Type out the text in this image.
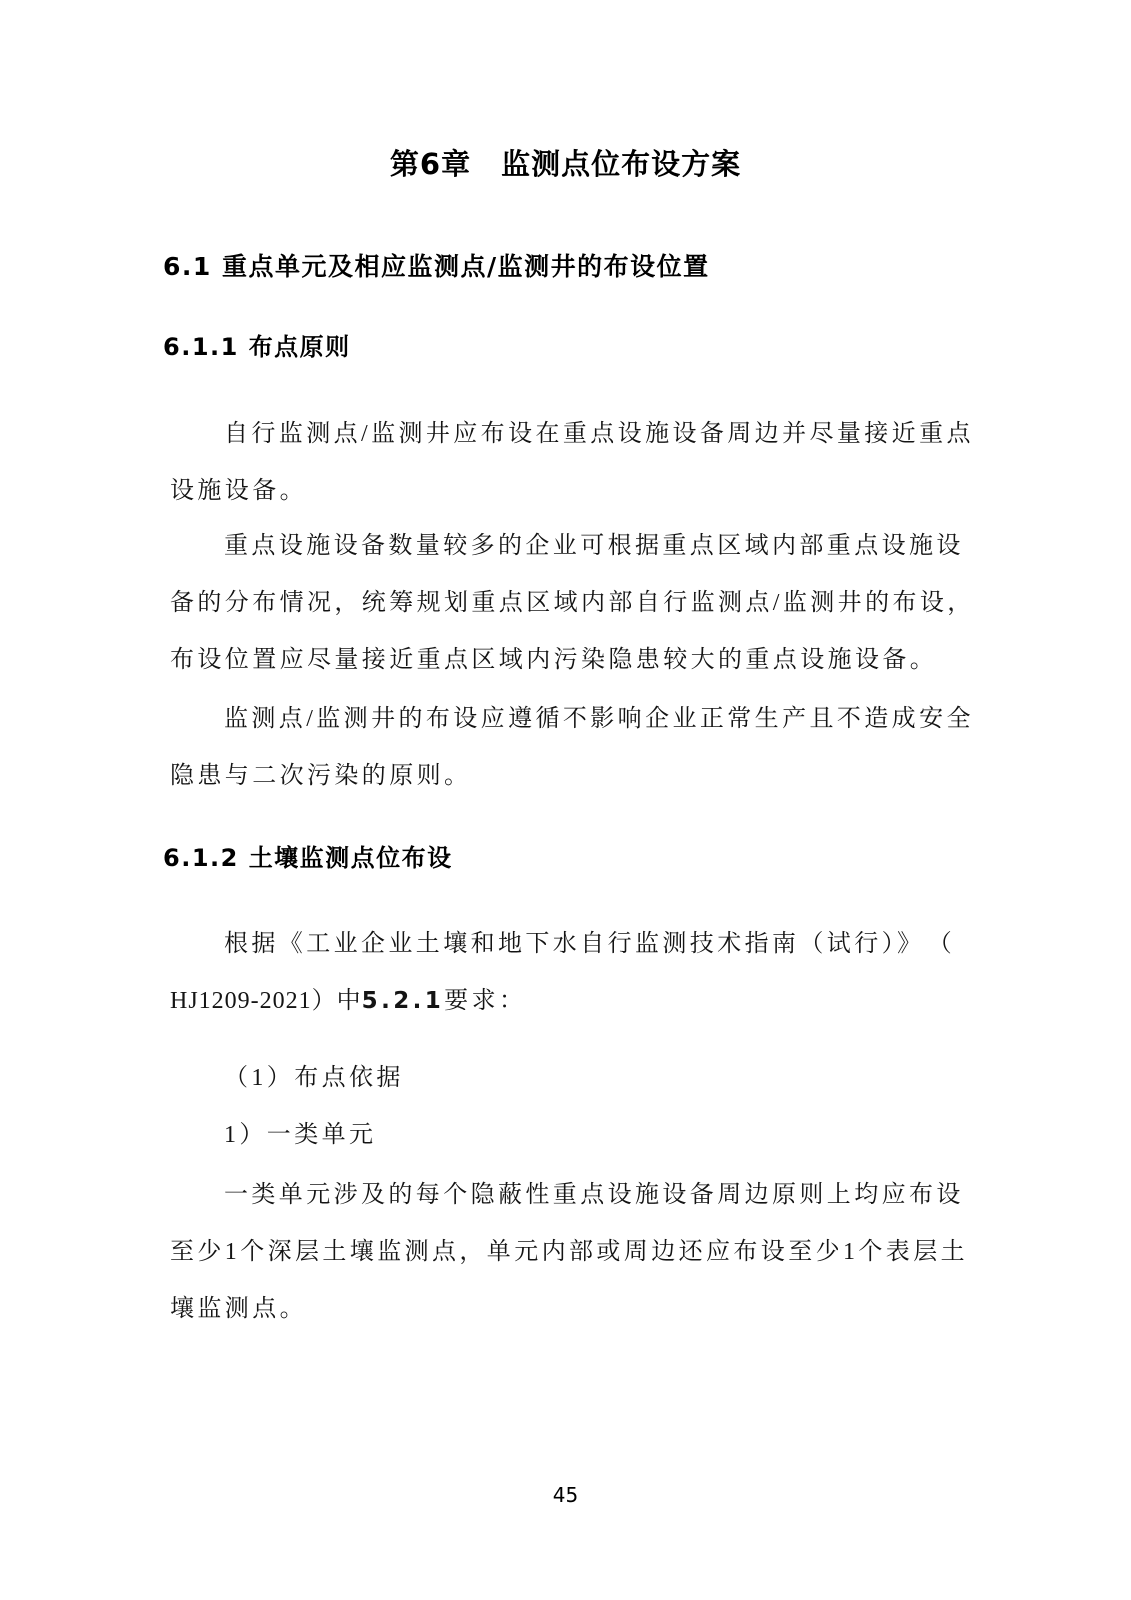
第6章　监测点位布设方案
6.1 重点单元及相应监测点/监测井的布设位置
6.1.1 布点原则
自行监测点/监测井应布设在重点设施设备周边并尽量接近重点
设施设备。
重点设施设备数量较多的企业可根据重点区域内部重点设施设
备的分布情况，统筹规划重点区域内部自行监测点/监测井的布设，
布设位置应尽量接近重点区域内污染隐患较大的重点设施设备。
监测点/监测井的布设应遵循不影响企业正常生产且不造成安全
隐患与二次污染的原则。
6.1.2 土壤监测点位布设
根据《工业企业土壤和地下水自行监测技术指南（试行）》　（
HJ1209-2021）中5.2.1要求：
（1）布点依据
1）一类单元
一类单元涉及的每个隐蔽性重点设施设备周边原则上均应布设
至少1个深层土壤监测点，单元内部或周边还应布设至少1个表层土
壤监测点。
45
